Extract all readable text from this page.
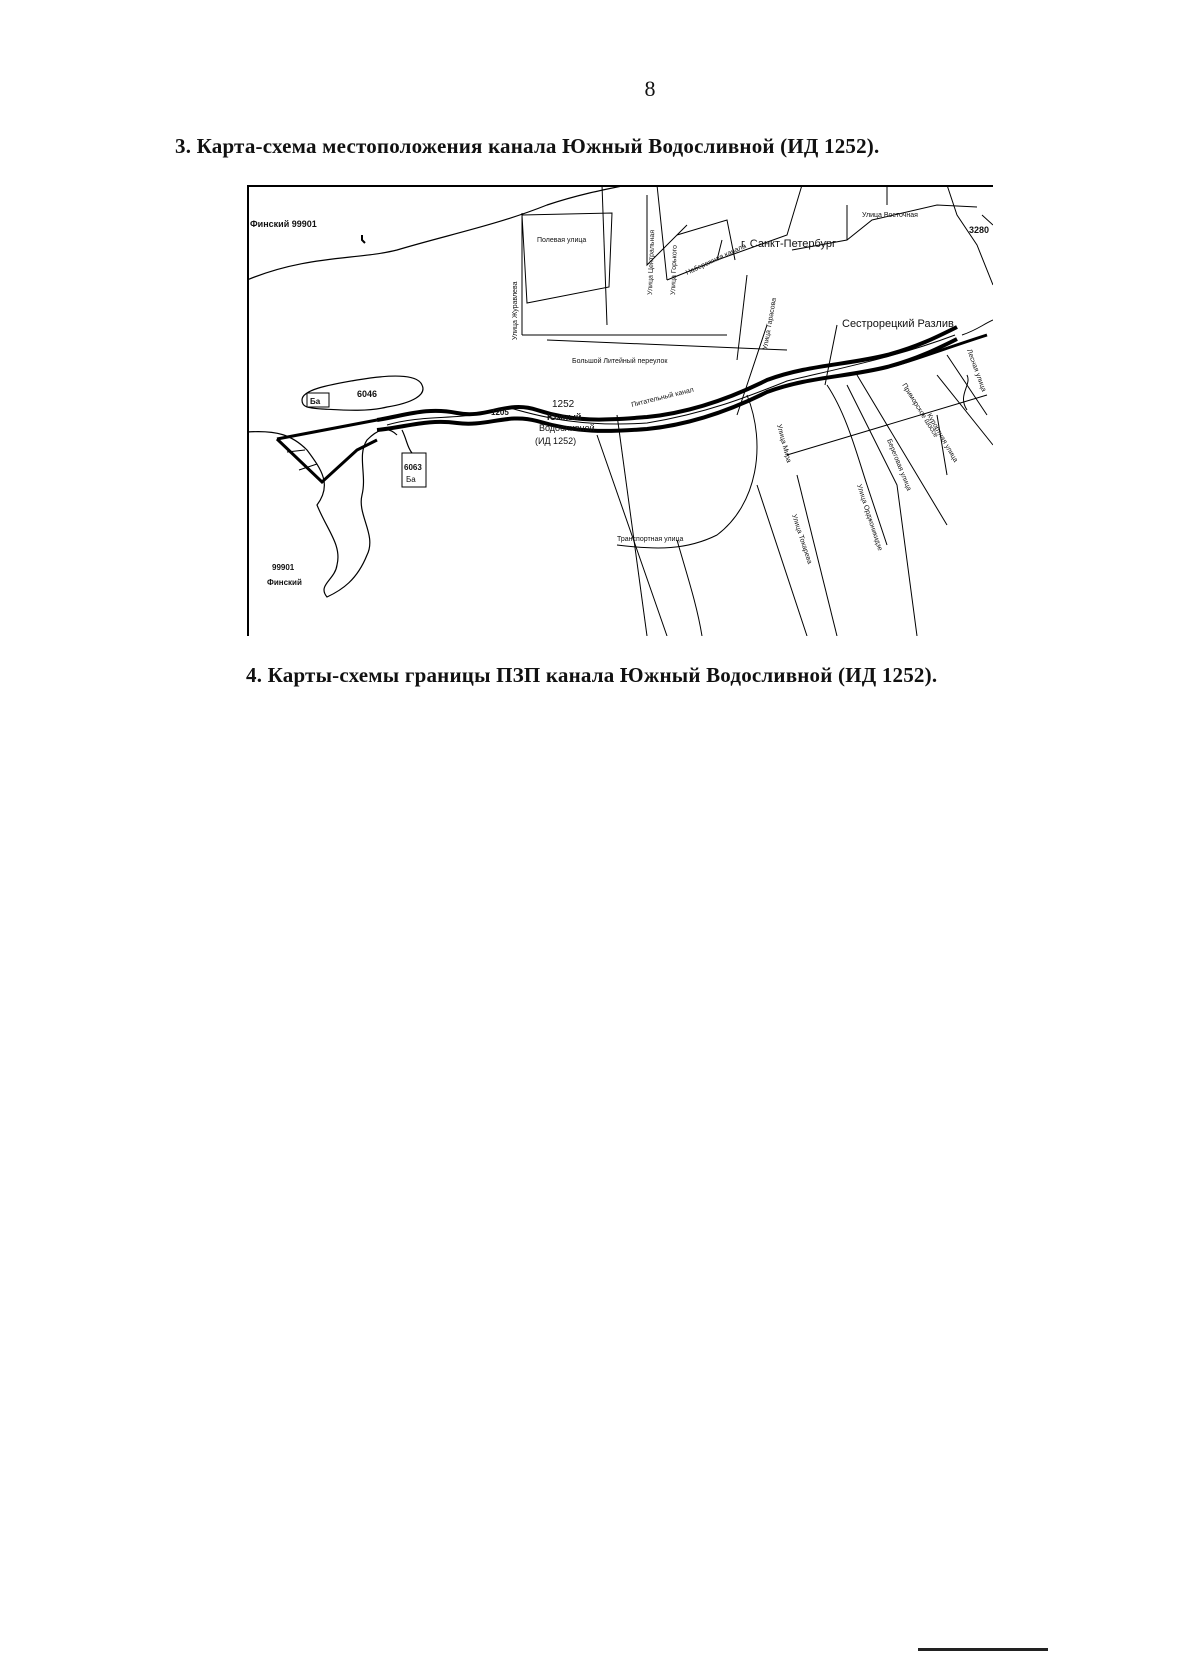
8
3. Карта-схема местоположения канала Южный Водосливной (ИД 1252).
Финский 99901
г. Санкт-Петербург
Сестрорецкий Разлив
Полевая улица
1252
Южный
Водосливной
(ИД 1252)
6046
Ба
6063
Ба
1205
3280
Большой Литейный переулок
Питательный канал
Транспортная улица
99901
Финский
Улица Журавлева	Улица Тарасова
Улица Центральная Улица Горького
Улица Восточная
Набережная канала
Улица Токарева	Улица Орджоникидзе
Приморское шоссе
Улица Мира	Береговая улица
Лесная улица
Курортная улица
4. Карты-схемы границы ПЗП канала Южный Водосливной (ИД 1252).
